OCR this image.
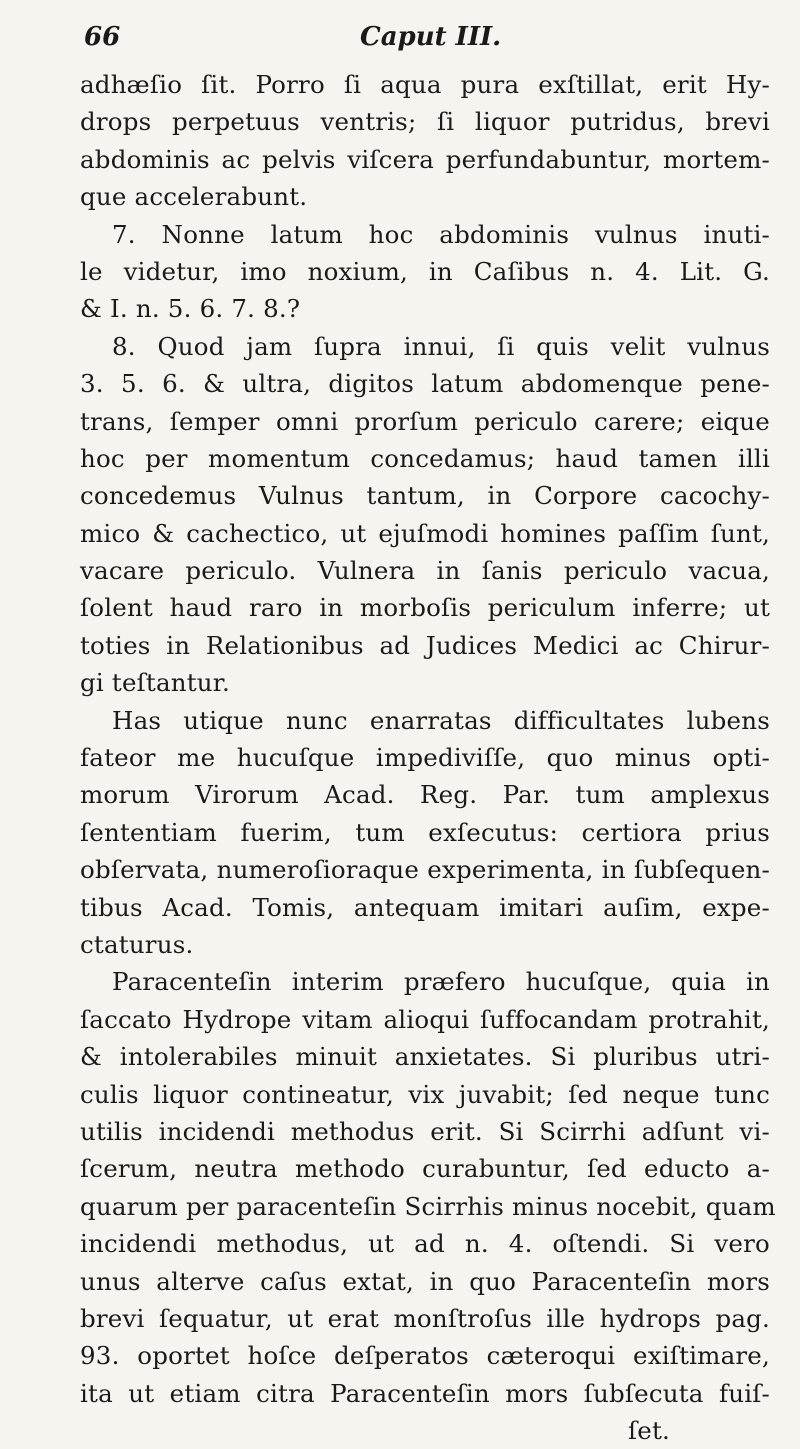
66	Caput III.
adhæſio ſit. Porro ſi aqua pura exſtillat, erit Hy-
drops perpetuus ventris; ſi liquor putridus, brevi
abdominis ac pelvis viſcera perfundabuntur, mortem-
que accelerabunt.
7. Nonne latum hoc abdominis vulnus inuti-
le videtur, imo noxium, in Caſibus n. 4. Lit. G.
& I. n. 5. 6. 7. 8.?
8. Quod jam ſupra innui, ſi quis velit vulnus
3. 5. 6. & ultra, digitos latum abdomenque pene-
trans, ſemper omni prorſum periculo carere; eique
hoc per momentum concedamus; haud tamen illi
concedemus Vulnus tantum, in Corpore cacochy-
mico & cachectico, ut ejuſmodi homines paſſim ſunt,
vacare periculo. Vulnera in ſanis periculo vacua,
ſolent haud raro in morboſis periculum inferre; ut
toties in Relationibus ad Judices Medici ac Chirur-
gi teſtantur.
Has utique nunc enarratas difficultates lubens
fateor me hucuſque impediviſſe, quo minus opti-
morum Virorum Acad. Reg. Par. tum amplexus
ſententiam fuerim, tum exſecutus: certiora prius
obſervata, numeroſioraque experimenta, in ſubſequen-
tibus Acad. Tomis, antequam imitari auſim, expe-
ctaturus.
Paracenteſin interim præfero hucuſque, quia in
ſaccato Hydrope vitam alioqui ſuffocandam protrahit,
& intolerabiles minuit anxietates. Si pluribus utri-
culis liquor contineatur, vix juvabit; ſed neque tunc
utilis incidendi methodus erit. Si Scirrhi adſunt vi-
ſcerum, neutra methodo curabuntur, ſed educto a-
quarum per paracenteſin Scirrhis minus nocebit, quam
incidendi methodus, ut ad n. 4. oſtendi. Si vero
unus alterve caſus extat, in quo Paracenteſin mors
brevi ſequatur, ut erat monſtroſus ille hydrops pag.
93. oportet hoſce deſperatos cæteroqui exiſtimare,
ita ut etiam citra Paracenteſin mors ſubſecuta fuiſ-
ſet.
